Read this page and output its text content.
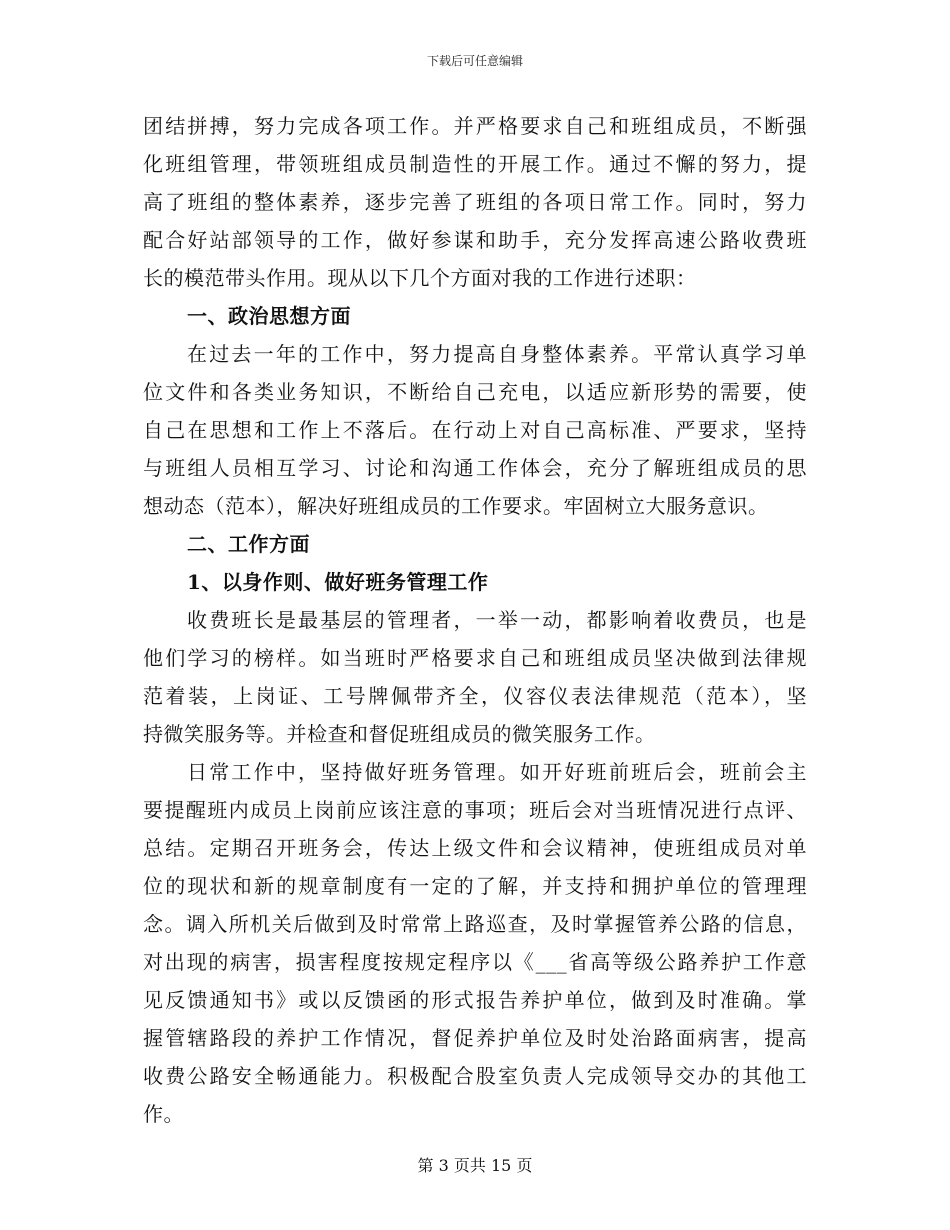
下载后可任意编辑
团结拼搏，努力完成各项工作。并严格要求自己和班组成员，不断强
化班组管理，带领班组成员制造性的开展工作。通过不懈的努力，提
高了班组的整体素养，逐步完善了班组的各项日常工作。同时，努力
配合好站部领导的工作，做好参谋和助手，充分发挥高速公路收费班
长的模范带头作用。现从以下几个方面对我的工作进行述职：
一、政治思想方面
在过去一年的工作中，努力提高自身整体素养。平常认真学习单
位文件和各类业务知识，不断给自己充电，以适应新形势的需要，使
自己在思想和工作上不落后。在行动上对自己高标准、严要求，坚持
与班组人员相互学习、讨论和沟通工作体会，充分了解班组成员的思
想动态（范本），解决好班组成员的工作要求。牢固树立大服务意识。
二、工作方面
1、以身作则、做好班务管理工作
收费班长是最基层的管理者，一举一动，都影响着收费员，也是
他们学习的榜样。如当班时严格要求自己和班组成员坚决做到法律规
范着装，上岗证、工号牌佩带齐全，仪容仪表法律规范（范本），坚
持微笑服务等。并检查和督促班组成员的微笑服务工作。
日常工作中，坚持做好班务管理。如开好班前班后会，班前会主
要提醒班内成员上岗前应该注意的事项；班后会对当班情况进行点评、
总结。定期召开班务会，传达上级文件和会议精神，使班组成员对单
位的现状和新的规章制度有一定的了解，并支持和拥护单位的管理理
念。调入所机关后做到及时常常上路巡查，及时掌握管养公路的信息，
对出现的病害，损害程度按规定程序以《___省高等级公路养护工作意
见反馈通知书》或以反馈函的形式报告养护单位，做到及时准确。掌
握管辖路段的养护工作情况，督促养护单位及时处治路面病害，提高
收费公路安全畅通能力。积极配合股室负责人完成领导交办的其他工
作。
第 3 页共 15 页
